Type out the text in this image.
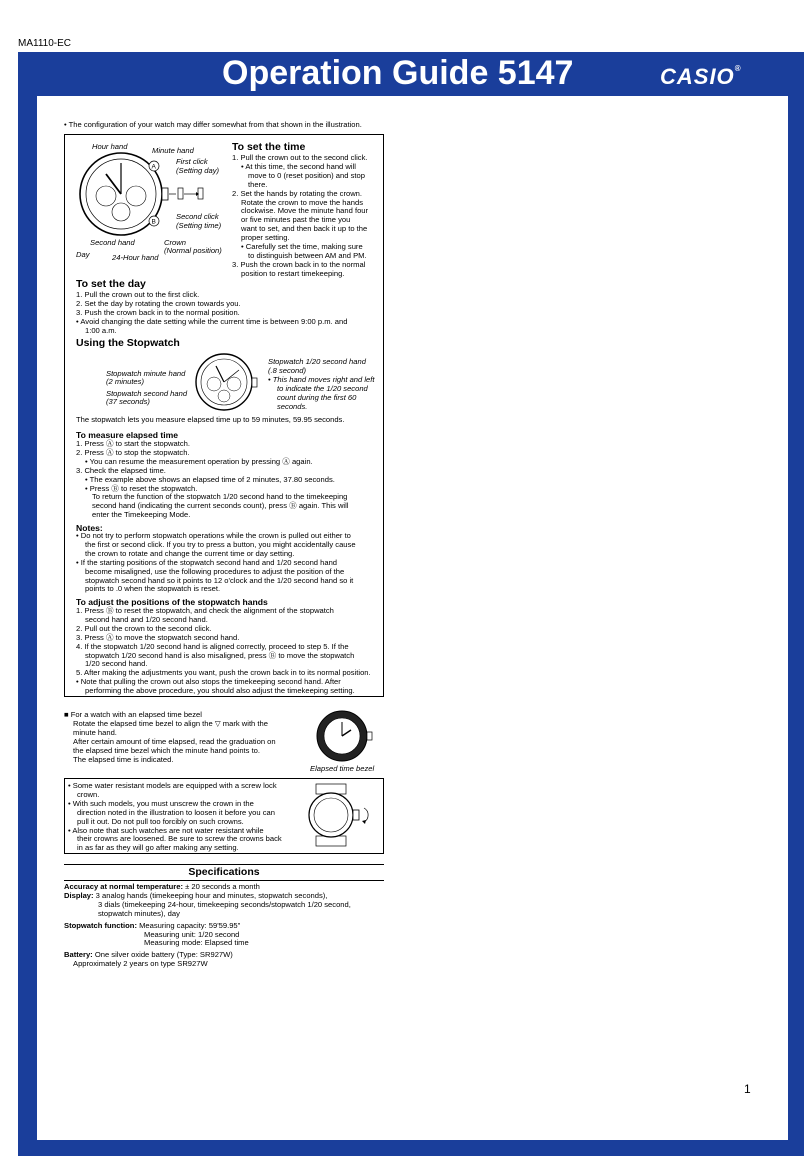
MA1110-EC
Operation Guide 5147	CASIO®
• The configuration of your watch may differ somewhat from that shown in the illustration.
A
B
Hour hand	Minute hand
First click
(Setting day)
Second click
(Setting time)
Second hand
Day	24-Hour hand
Crown
(Normal position)
To set the time
1. Pull the crown out to the second click.
• At this time, the second hand will
move to 0 (reset position) and stop
there.
2. Set the hands by rotating the crown.
Rotate the crown to move the hands
clockwise. Move the minute hand four
or five minutes past the time you
want to set, and then back it up to the
proper setting.
• Carefully set the time, making sure
to distinguish between AM and PM.
3. Push the crown back in to the normal
position to restart timekeeping.
To set the day
1. Pull the crown out to the first click.
2. Set the day by rotating the crown towards you.
3. Push the crown back in to the normal position.
• Avoid changing the date setting while the current time is between 9:00 p.m. and
1:00 a.m.
Using the Stopwatch
Stopwatch minute hand
(2 minutes)
Stopwatch second hand
(37 seconds)
Stopwatch 1/20 second hand
(.8 second)
• This hand moves right and left
to indicate the 1/20 second
count during the first 60
seconds.
The stopwatch lets you measure elapsed time up to 59 minutes, 59.95 seconds.
To measure elapsed time
1. Press Ⓐ to start the stopwatch.
2. Press Ⓐ to stop the stopwatch.
• You can resume the measurement operation by pressing Ⓐ again.
3. Check the elapsed time.
• The example above shows an elapsed time of 2 minutes, 37.80 seconds.
• Press Ⓑ to reset the stopwatch.
To return the function of the stopwatch 1/20 second hand to the timekeeping
second hand (indicating the current seconds count), press Ⓑ again. This will
enter the Timekeeping Mode.
Notes:
• Do not try to perform stopwatch operations while the crown is pulled out either to
the first or second click. If you try to press a button, you might accidentally cause
the crown to rotate and change the current time or day setting.
• If the starting positions of the stopwatch second hand and 1/20 second hand
become misaligned, use the following procedures to adjust the position of the
stopwatch second hand so it points to 12 o'clock and the 1/20 second hand so it
points to .0 when the stopwatch is reset.
To adjust the positions of the stopwatch hands
1. Press Ⓑ to reset the stopwatch, and check the alignment of the stopwatch
second hand and 1/20 second hand.
2. Pull out the crown to the second click.
3. Press Ⓐ to move the stopwatch second hand.
4. If the stopwatch 1/20 second hand is aligned correctly, proceed to step 5. If the
stopwatch 1/20 second hand is also misaligned, press Ⓑ to move the stopwatch
1/20 second hand.
5. After making the adjustments you want, push the crown back in to its normal position.
• Note that pulling the crown out also stops the timekeeping second hand. After
performing the above procedure, you should also adjust the timekeeping setting.
■ For a watch with an elapsed time bezel
Rotate the elapsed time bezel to align the ▽ mark with the
minute hand.
After certain amount of time elapsed, read the graduation on
the elapsed time bezel which the minute hand points to.
The elapsed time is indicated.
Elapsed time bezel
• Some water resistant models are equipped with a screw lock
crown.
• With such models, you must unscrew the crown in the
direction noted in the illustration to loosen it before you can
pull it out. Do not pull too forcibly on such crowns.
• Also note that such watches are not water resistant while
their crowns are loosened. Be sure to screw the crowns back
in as far as they will go after making any setting.
Specifications
Accuracy at normal temperature: ± 20 seconds a month
Display: 3 analog hands (timekeeping hour and minutes, stopwatch seconds),
3 dials (timekeeping 24-hour, timekeeping seconds/stopwatch 1/20 second,
stopwatch minutes), day
Stopwatch function: Measuring capacity: 59'59.95"
Measuring unit: 1/20 second
Measuring mode: Elapsed time
Battery: One silver oxide battery (Type: SR927W)
Approximately 2 years on type SR927W
1
